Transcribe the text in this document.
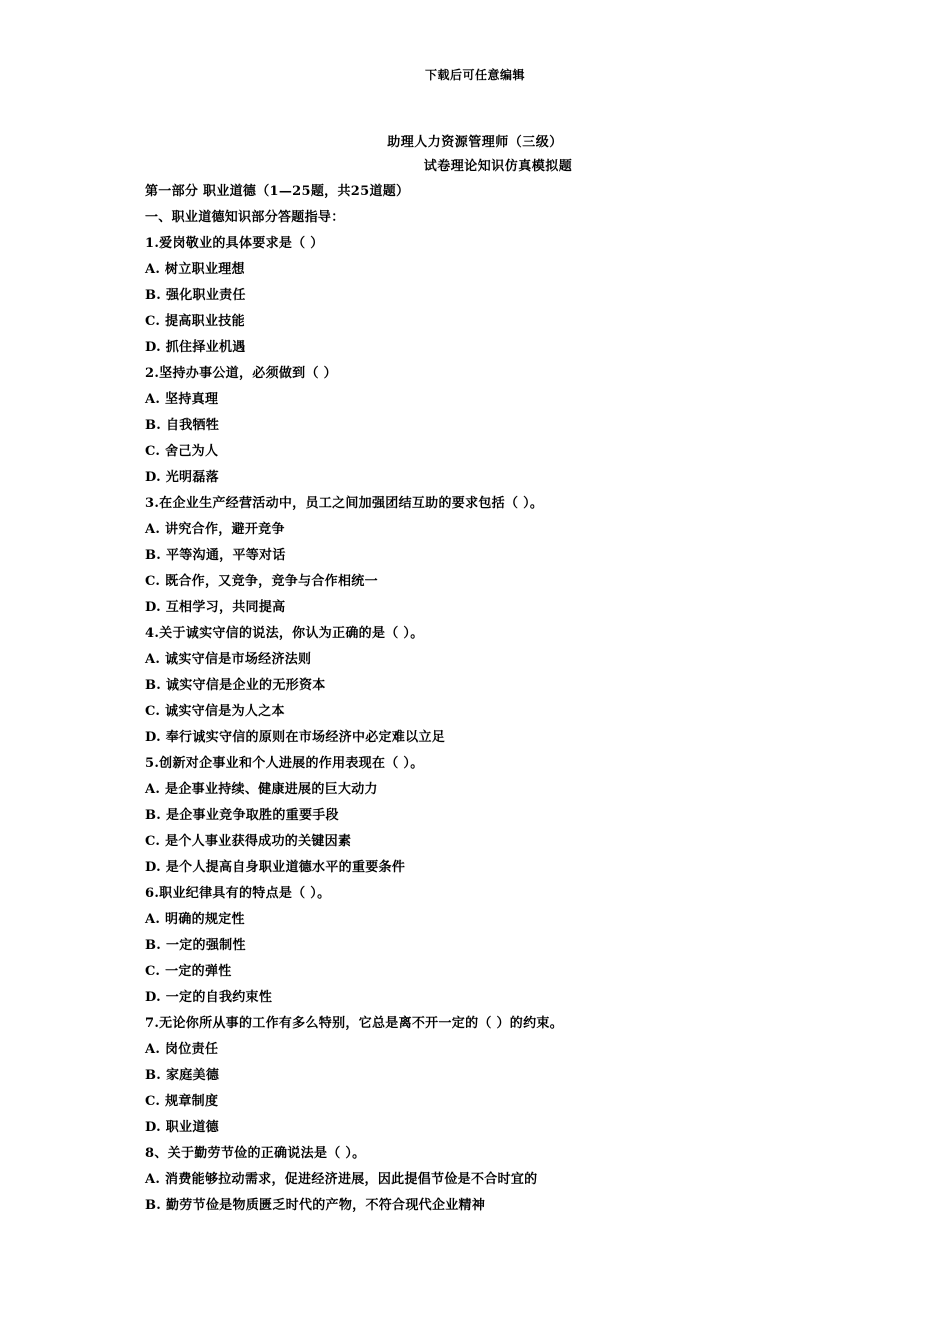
下载后可任意编辑
助理人力资源管理师（三级）
试卷理论知识仿真模拟题
第一部分 职业道德（1—25题，共25道题）
一、职业道德知识部分答题指导：
1.爱岗敬业的具体要求是（ ）
A. 树立职业理想
B. 强化职业责任
C. 提高职业技能
D. 抓住择业机遇
2.坚持办事公道，必须做到（ ）
A. 坚持真理
B. 自我牺牲
C. 舍己为人
D. 光明磊落
3.在企业生产经营活动中，员工之间加强团结互助的要求包括（ ）。
A. 讲究合作，避开竞争
B. 平等沟通，平等对话
C. 既合作，又竞争，竞争与合作相统一
D. 互相学习，共同提高
4.关于诚实守信的说法，你认为正确的是（ ）。
A. 诚实守信是市场经济法则
B. 诚实守信是企业的无形资本
C. 诚实守信是为人之本
D. 奉行诚实守信的原则在市场经济中必定难以立足
5.创新对企事业和个人进展的作用表现在（ ）。
A. 是企事业持续、健康进展的巨大动力
B. 是企事业竞争取胜的重要手段
C. 是个人事业获得成功的关键因素
D. 是个人提高自身职业道德水平的重要条件
6.职业纪律具有的特点是（ ）。
A. 明确的规定性
B. 一定的强制性
C. 一定的弹性
D. 一定的自我约束性
7.无论你所从事的工作有多么特别，它总是离不开一定的（ ）的约束。
A. 岗位责任
B. 家庭美德
C. 规章制度
D. 职业道德
8、关于勤劳节俭的正确说法是（ ）。
A. 消费能够拉动需求，促进经济进展，因此提倡节俭是不合时宜的
B. 勤劳节俭是物质匮乏时代的产物，不符合现代企业精神
